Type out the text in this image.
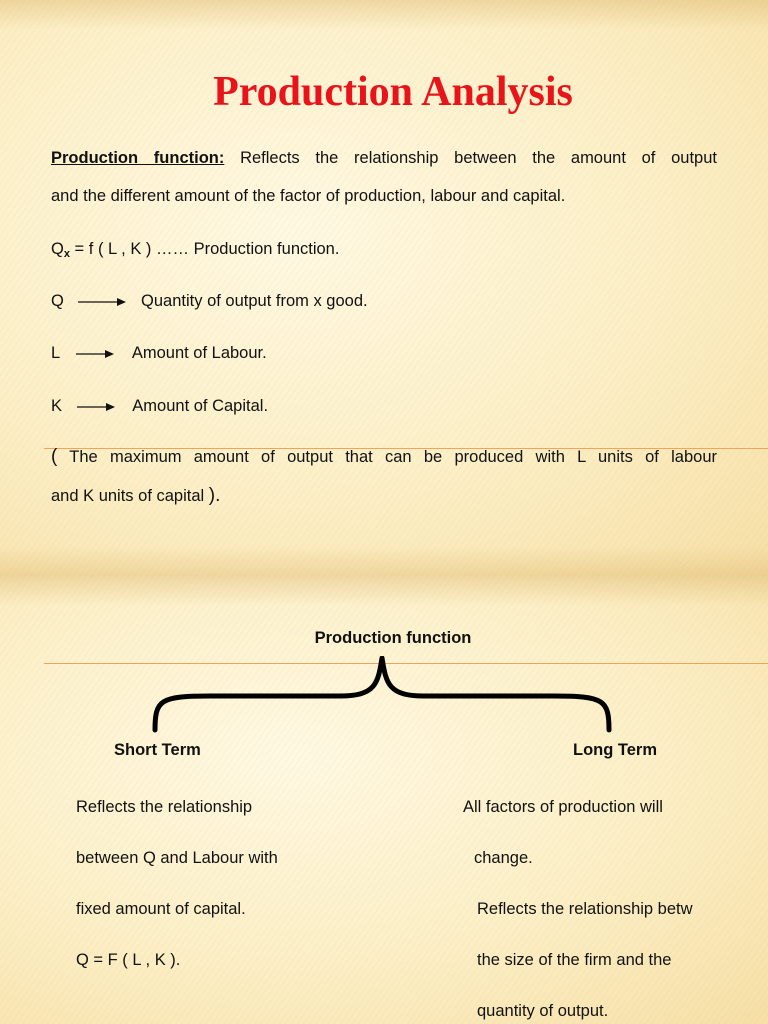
Production Analysis
Production function: Reflects the relationship between the amount of output
and the different amount of the factor of production, labour and capital.
$Q_x = f$ ( L , K ) …… Production function.
Q	Quantity of output from x good.
L	Amount of Labour.
K	Amount of Capital.
( The maximum amount of output that can be produced with L units of labour
and K units of capital ).
Production function
Short Term	Long Term
Reflects the relationship
between Q and Labour with
fixed amount of capital.
Q = F ( L , K ).
All factors of production will
change.
Reflects the relationship betw
the size of the firm and the
quantity of output.
